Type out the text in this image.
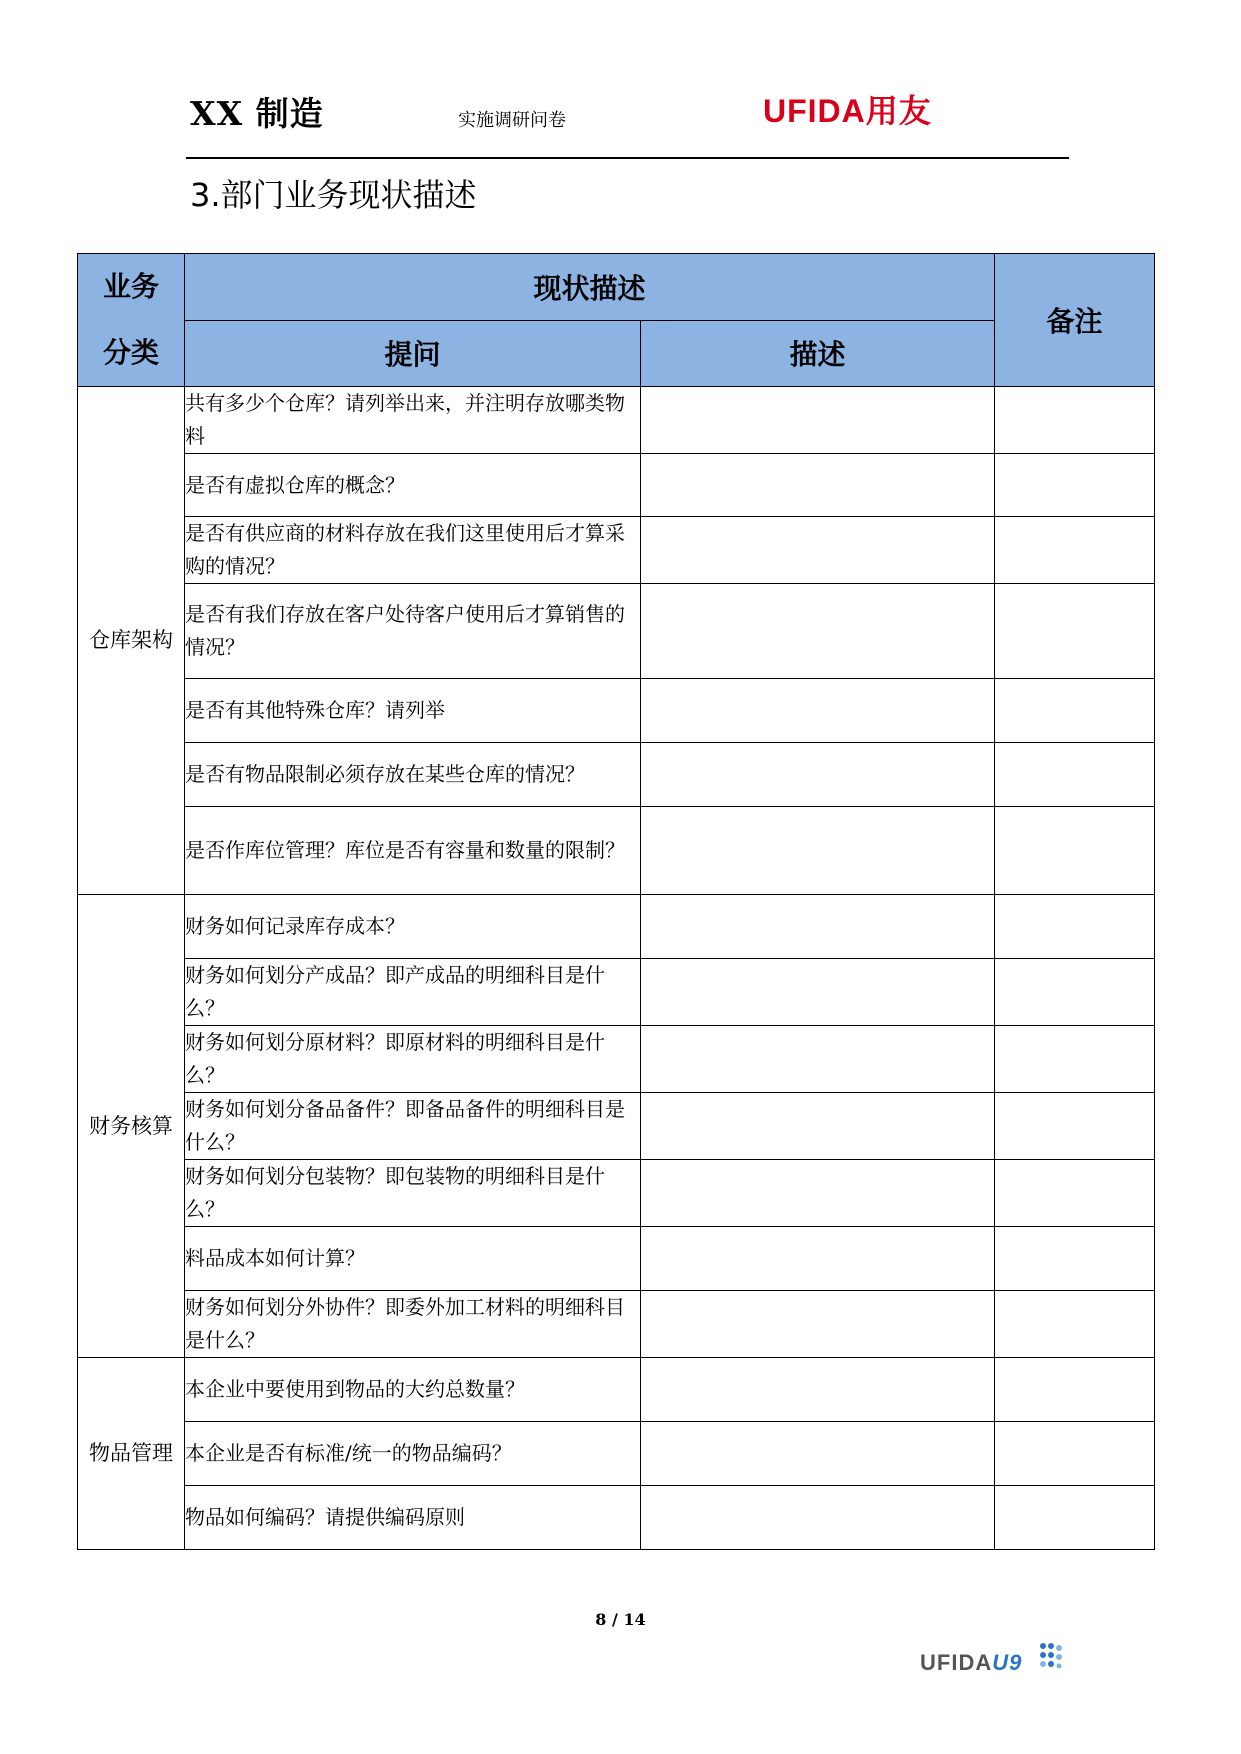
XX 制造	实施调研问卷	UFIDA用友
3.部门业务现状描述
业务
分类	现状描述		备注
	提问	描述	
仓库架构	共有多少个仓库？请列举出来，并注明存放哪类物料		
	是否有虚拟仓库的概念？		
	是否有供应商的材料存放在我们这里使用后才算采购的情况？		
	是否有我们存放在客户处待客户使用后才算销售的情况？		
	是否有其他特殊仓库？请列举		
	是否有物品限制必须存放在某些仓库的情况？		
	是否作库位管理？库位是否有容量和数量的限制？		
财务核算	财务如何记录库存成本？		
	财务如何划分产成品？即产成品的明细科目是什么？		
	财务如何划分原材料？即原材料的明细科目是什么？		
	财务如何划分备品备件？即备品备件的明细科目是什么？		
	财务如何划分包装物？即包装物的明细科目是什么？		
	料品成本如何计算？		
	财务如何划分外协件？即委外加工材料的明细科目是什么？		
物品管理	本企业中要使用到物品的大约总数量？		
	本企业是否有标准/统一的物品编码？		
	物品如何编码？请提供编码原则		
8 / 14
UFIDAU9
